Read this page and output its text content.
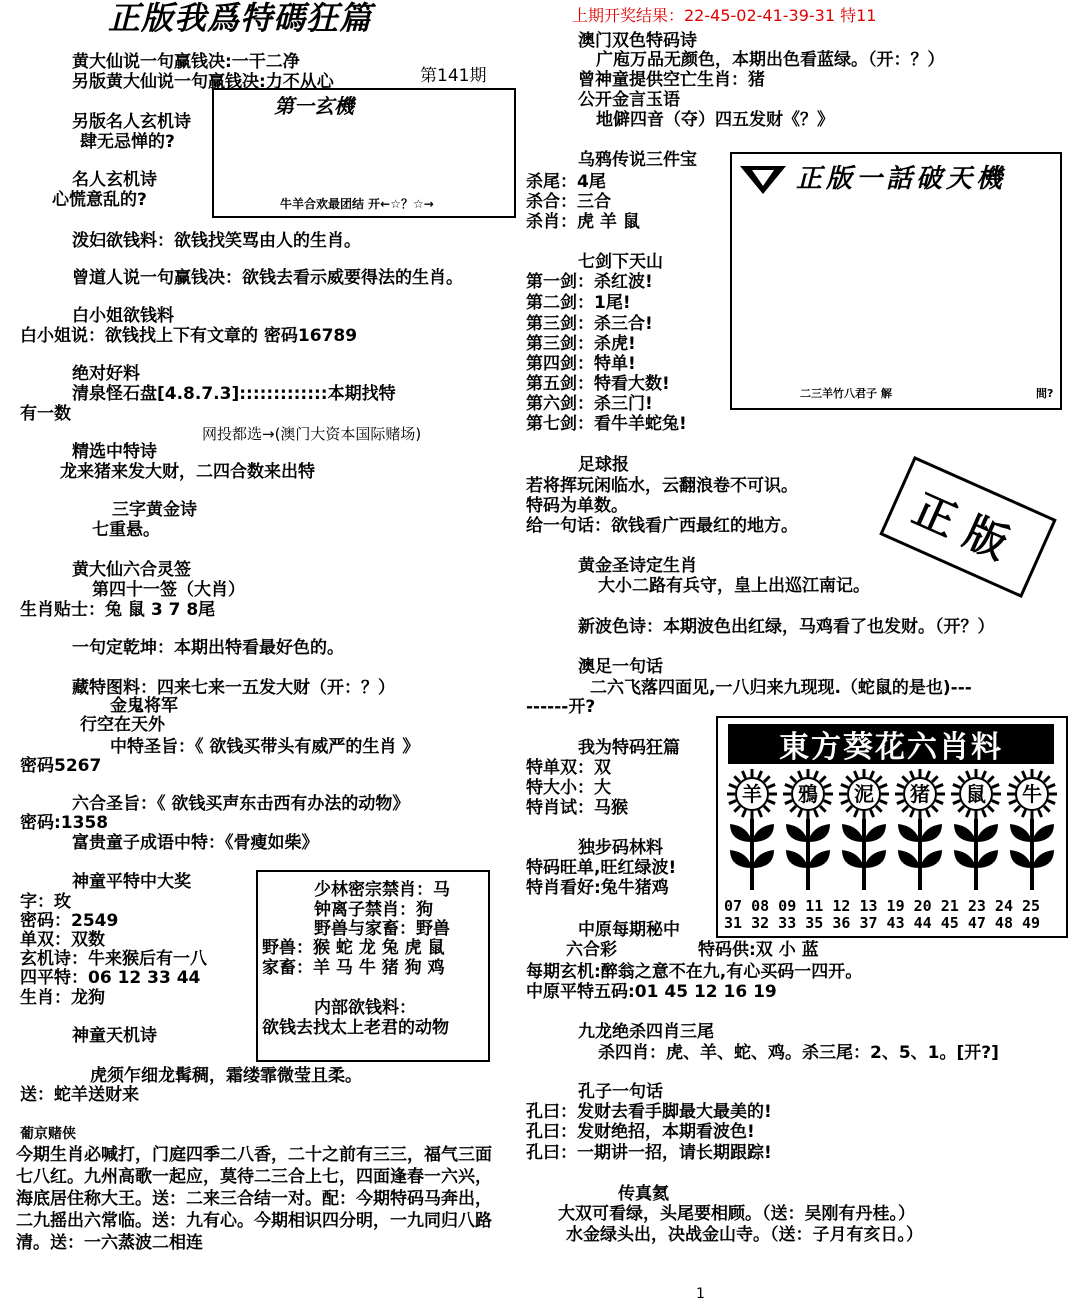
正版我爲特碼狂篇	上期开奖结果：22-45-02-41-39-31 特11
黄大仙说一句赢钱决:一干二净
另版黄大仙说一句赢钱决:力不从心	第141期
第一玄機
牛羊合欢最团结 开←☆？☆→
另版名人玄机诗
肆无忌惮的?
名人玄机诗
心慌意乱的?
泼妇欲钱料：欲钱找笑骂由人的生肖。
曾道人说一句赢钱决：欲钱去看示威要得法的生肖。
白小姐欲钱料
白小姐说：欲钱找上下有文章的 密码16789
绝对好料
清泉怪石盘[4.8.7.3]:::::::::::::本期找特
有一数
网投都选→(澳门大资本国际赌场)
精选中特诗
龙来猪来发大财，二四合数来出特
三字黄金诗
七重悬。
黄大仙六合灵签
第四十一签（大肖）
生肖贴士：兔 鼠 3 7 8尾
一句定乾坤：本期出特看最好色的。
藏特图料：四来七来一五发大财（开：？）
金鬼将军
行空在天外
中特圣旨：《 欲钱买带头有威严的生肖 》
密码5267
六合圣旨：《 欲钱买声东击西有办法的动物》
密码:1358
富贵童子成语中特：《骨瘦如柴》
神童平特中大奖
字：玫
密码：2549
单双：双数
玄机诗：牛来猴后有一八
四平特：06 12 33 44
生肖：龙狗
神童天机诗
虎须乍细龙髯稠，霜缕霏微莹且柔。
送：蛇羊送财来
葡京赌侠
今期生肖必喊打，门庭四季二八香，二十之前有三三，福气三面七八红。九州高歌一起应，莫待二三合上七，四面逢春一六兴，海底居住称大王。送：二来三合结一对。配：今期特码马奔出，二九摇出六常临。送：九有心。今期相识四分明，一九同归八路清。送：一六蒸波二相连
少林密宗禁肖：马
钟离子禁肖：狗
野兽与家畜：野兽
野兽：猴 蛇 龙 兔 虎 鼠
家畜：羊 马 牛 猪 狗 鸡
内部欲钱料：
欲钱去找太上老君的动物
澳门双色特码诗
广庖万品无颜色，本期出色看蓝绿。（开：？）
曾神童提供空亡生肖：猪
公开金言玉语
地僻四音（夺）四五发财《？》
乌鸦传说三件宝
杀尾：4尾
杀合：三合
杀肖：虎 羊 鼠
七剑下天山
第一剑：杀红波!
第二剑：1尾!
第三剑：杀三合!
第三剑：杀虎!
第四剑：特单!
第五剑：特看大数!
第六剑：杀三门!
第七剑：看牛羊蛇兔!
正版一話破天機
二三羊竹八君子 解	間?
足球报
若将挥玩闲临水，云翻浪卷不可识。
特码为单数。
给一句话：欲钱看广西最红的地方。	正版
黄金圣诗定生肖
大小二路有兵守，皇上出巡江南记。
新波色诗：本期波色出红绿，马鸡看了也发财。（开？）
澳足一句话
二六飞落四面见,一八归来九现现.（蛇鼠的是也)---
------开?
我为特码狂篇
特单双：双
特大小：大
特肖试：马猴
独步码林料
特码旺单,旺红绿波!
特肖看好:兔牛猪鸡
東方葵花六肖料
羊	鴉	泥	猪	鼠	牛
07 08 09 11 12 13 19 20 21 23 24 25
31 32 33 35 36 37 43 44 45 47 48 49
中原每期秘中
六合彩	特码供:双 小 蓝
每期玄机:醉翁之意不在九,有心买码一四开。
中原平特五码:01 45 12 16 19
九龙绝杀四肖三尾
杀四肖：虎、羊、蛇、鸡。杀三尾：2、5、1。[开?]
孔子一句话
孔曰：发财去看手脚最大最美的!
孔曰：发财绝招，本期看波色!
孔曰：一期讲一招，请长期跟踪!
传真氦
大双可看绿，头尾要相顾。（送：吴刚有丹桂。）
水金绿头出，决战金山寺。（送：子月有亥日。）
1
